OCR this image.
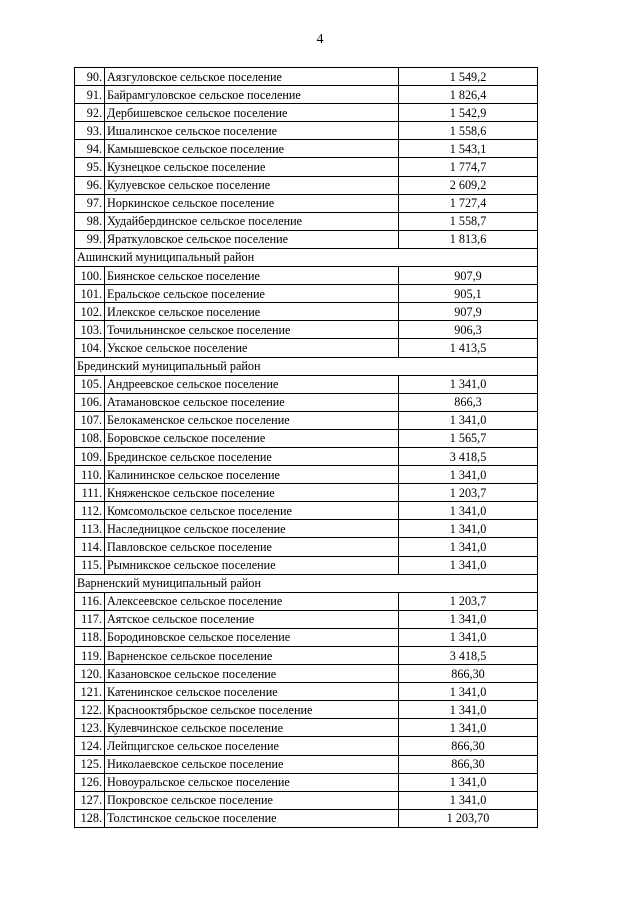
4
90.	Аязгуловское сельское поселение	1 549,2
91.	Байрамгуловское сельское поселение	1 826,4
92.	Дербишевское сельское поселение	1 542,9
93.	Ишалинское сельское поселение	1 558,6
94.	Камышевское сельское поселение	1 543,1
95.	Кузнецкое сельское поселение	1 774,7
96.	Кулуевское сельское поселение	2 609,2
97.	Норкинское сельское поселение	1 727,4
98.	Худайбердинское сельское поселение	1 558,7
99.	Яраткуловское сельское поселение	1 813,6
Ашинский муниципальный район		
100.	Биянское сельское поселение	907,9
101.	Еральское сельское поселение	905,1
102.	Илекское сельское поселение	907,9
103.	Точильнинское сельское поселение	906,3
104.	Укское сельское поселение	1 413,5
Брединский муниципальный район		
105.	Андреевское сельское поселение	1 341,0
106.	Атамановское сельское поселение	866,3
107.	Белокаменское сельское поселение	1 341,0
108.	Боровское сельское поселение	1 565,7
109.	Брединское сельское поселение	3 418,5
110.	Калининское сельское поселение	1 341,0
111.	Княженское сельское поселение	1 203,7
112.	Комсомольское сельское поселение	1 341,0
113.	Наследницкое сельское поселение	1 341,0
114.	Павловское сельское поселение	1 341,0
115.	Рымникское сельское поселение	1 341,0
Варненский муниципальный район		
116.	Алексеевское сельское поселение	1 203,7
117.	Аятское сельское поселение	1 341,0
118.	Бородиновское сельское поселение	1 341,0
119.	Варненское сельское поселение	3 418,5
120.	Казановское сельское поселение	866,30
121.	Катенинское сельское поселение	1 341,0
122.	Краснооктябрьское сельское поселение	1 341,0
123.	Кулевчинское сельское поселение	1 341,0
124.	Лейпцигское сельское поселение	866,30
125.	Николаевское сельское поселение	866,30
126.	Новоуральское сельское поселение	1 341,0
127.	Покровское сельское поселение	1 341,0
128.	Толстинское сельское поселение	1 203,70
